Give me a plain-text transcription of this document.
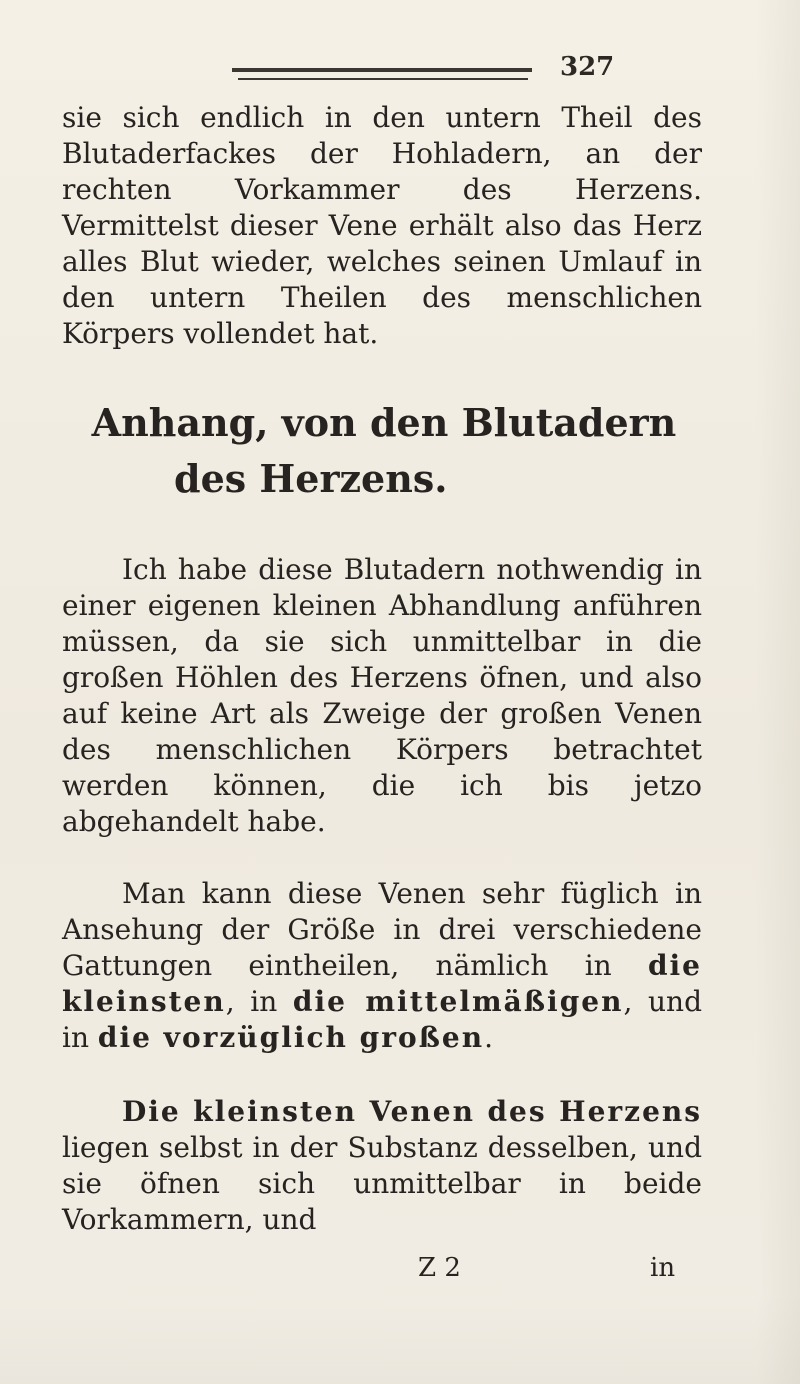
327

sie sich endlich in den untern Theil des Blutaderfackes der Hohladern, an der rechten Vorkammer des Herzens. Vermittelst dieser Vene erhält also das Herz alles Blut wieder, welches seinen Umlauf in den untern Theilen des menschlichen Körpers vollendet hat.

Anhang, von den Blutadern
des Herzens.

Ich habe diese Blutadern nothwendig in einer eigenen kleinen Abhandlung anführen müssen, da sie sich unmittelbar in die großen Höhlen des Herzens öfnen, und also auf keine Art als Zweige der großen Venen des menschlichen Körpers betrachtet werden können, die ich bis jetzo abgehandelt habe.

Man kann diese Venen sehr füglich in Ansehung der Größe in drei verschiedene Gattungen eintheilen, nämlich in die kleinsten, in die mittelmäßigen, und in die vorzüglich großen.

Die kleinsten Venen des Herzens liegen selbst in der Substanz desselben, und sie öfnen sich unmittelbar in beide Vorkammern, und

Z 2	in
